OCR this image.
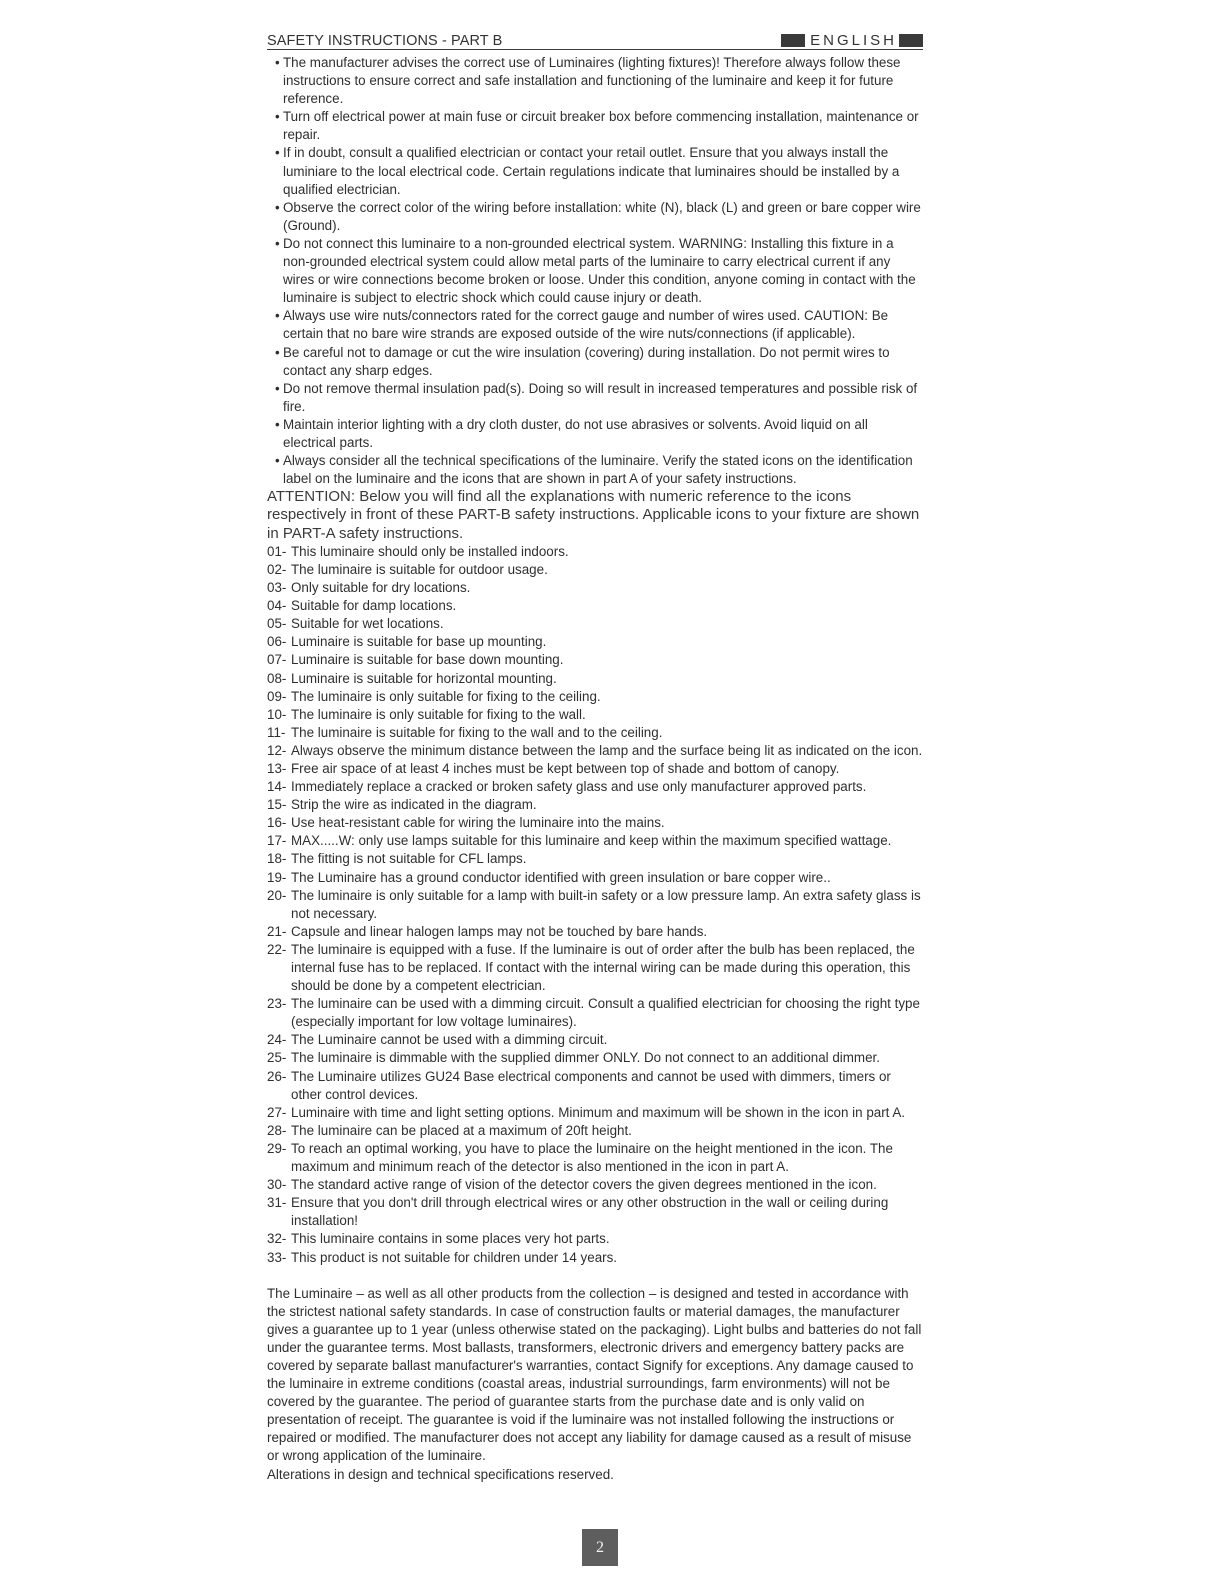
SAFETY INSTRUCTIONS - PART B	ENGLISH
• The manufacturer advises the correct use of Luminaires (lighting fixtures)! Therefore always follow these instructions to ensure correct and safe installation and functioning of the luminaire and keep it for future reference.
• Turn off electrical power at main fuse or circuit breaker box before commencing installation, maintenance or repair.
• If in doubt, consult a qualified electrician or contact your retail outlet. Ensure that you always install the luminiare to the local electrical code. Certain regulations indicate that luminaires should be installed by a qualified electrician.
• Observe the correct color of the wiring before installation: white (N), black (L) and green or bare copper wire (Ground).
• Do not connect this luminaire to a non-grounded electrical system. WARNING: Installing this fixture in a non-grounded electrical system could allow metal parts of the luminaire to carry electrical current if any wires or wire connections become broken or loose. Under this condition, anyone coming in contact with the luminaire is subject to electric shock which could cause injury or death.
• Always use wire nuts/connectors rated for the correct gauge and number of wires used. CAUTION: Be certain that no bare wire strands are exposed outside of the wire nuts/connections (if applicable).
• Be careful not to damage or cut the wire insulation (covering) during installation. Do not permit wires to contact any sharp edges.
• Do not remove thermal insulation pad(s). Doing so will result in increased temperatures and possible risk of fire.
• Maintain interior lighting with a dry cloth duster, do not use abrasives or solvents. Avoid liquid on all electrical parts.
• Always consider all the technical specifications of the luminaire. Verify the stated icons on the identification label on the luminaire and the icons that are shown in part A of your safety instructions.

ATTENTION: Below you will find all the explanations with numeric reference to the icons respectively in front of these PART-B safety instructions. Applicable icons to your fixture are shown in PART-A safety instructions.

01- This luminaire should only be installed indoors.
02- The luminaire is suitable for outdoor usage.
03- Only suitable for dry locations.
04- Suitable for damp locations.
05- Suitable for wet locations.
06- Luminaire is suitable for base up mounting.
07- Luminaire is suitable for base down mounting.
08- Luminaire is suitable for horizontal mounting.
09- The luminaire is only suitable for fixing to the ceiling.
10- The luminaire is only suitable for fixing to the wall.
11- The luminaire is suitable for fixing to the wall and to the ceiling.
12- Always observe the minimum distance between the lamp and the surface being lit as indicated on the icon.
13- Free air space of at least 4 inches must be kept between top of shade and bottom of canopy.
14- Immediately replace a cracked or broken safety glass and use only manufacturer approved parts.
15- Strip the wire as indicated in the diagram.
16- Use heat-resistant cable for wiring the luminaire into the mains.
17- MAX.....W: only use lamps suitable for this luminaire and keep within the maximum specified wattage.
18- The fitting is not suitable for CFL lamps.
19- The Luminaire has a ground conductor identified with green insulation or bare copper wire..
20- The luminaire is only suitable for a lamp with built-in safety or a low pressure lamp. An extra safety glass is not necessary.
21- Capsule and linear halogen lamps may not be touched by bare hands.
22- The luminaire is equipped with a fuse. If the luminaire is out of order after the bulb has been replaced, the internal fuse has to be replaced. If contact with the internal wiring can be made during this operation, this should be done by a competent electrician.
23- The luminaire can be used with a dimming circuit. Consult a qualified electrician for choosing the right type (especially important for low voltage luminaires).
24- The Luminaire cannot be used with a dimming circuit.
25- The luminaire is dimmable with the supplied dimmer ONLY. Do not connect to an additional dimmer.
26- The Luminaire utilizes GU24 Base electrical components and cannot be used with dimmers, timers or other control devices.
27- Luminaire with time and light setting options. Minimum and maximum will be shown in the icon in part A.
28- The luminaire can be placed at a maximum of 20ft height.
29- To reach an optimal working, you have to place the luminaire on the height mentioned in the icon. The maximum and minimum reach of the detector is also mentioned in the icon in part A.
30- The standard active range of vision of the detector covers the given degrees mentioned in the icon.
31- Ensure that you don't drill through electrical wires or any other obstruction in the wall or ceiling during installation!
32- This luminaire contains in some places very hot parts.
33- This product is not suitable for children under 14 years.
The Luminaire – as well as all other products from the collection – is designed and tested in accordance with the strictest national safety standards. In case of construction faults or material damages, the manufacturer gives a guarantee up to 1 year (unless otherwise stated on the packaging). Light bulbs and batteries do not fall under the guarantee terms. Most ballasts, transformers, electronic drivers and emergency battery packs are covered by separate ballast manufacturer's warranties, contact Signify for exceptions. Any damage caused to the luminaire in extreme conditions (coastal areas, industrial surroundings, farm environments) will not be covered by the guarantee. The period of guarantee starts from the purchase date and is only valid on presentation of receipt. The guarantee is void if the luminaire was not installed following the instructions or repaired or modified. The manufacturer does not accept any liability for damage caused as a result of misuse or wrong application of the luminaire.
Alterations in design and technical specifications reserved.
2
